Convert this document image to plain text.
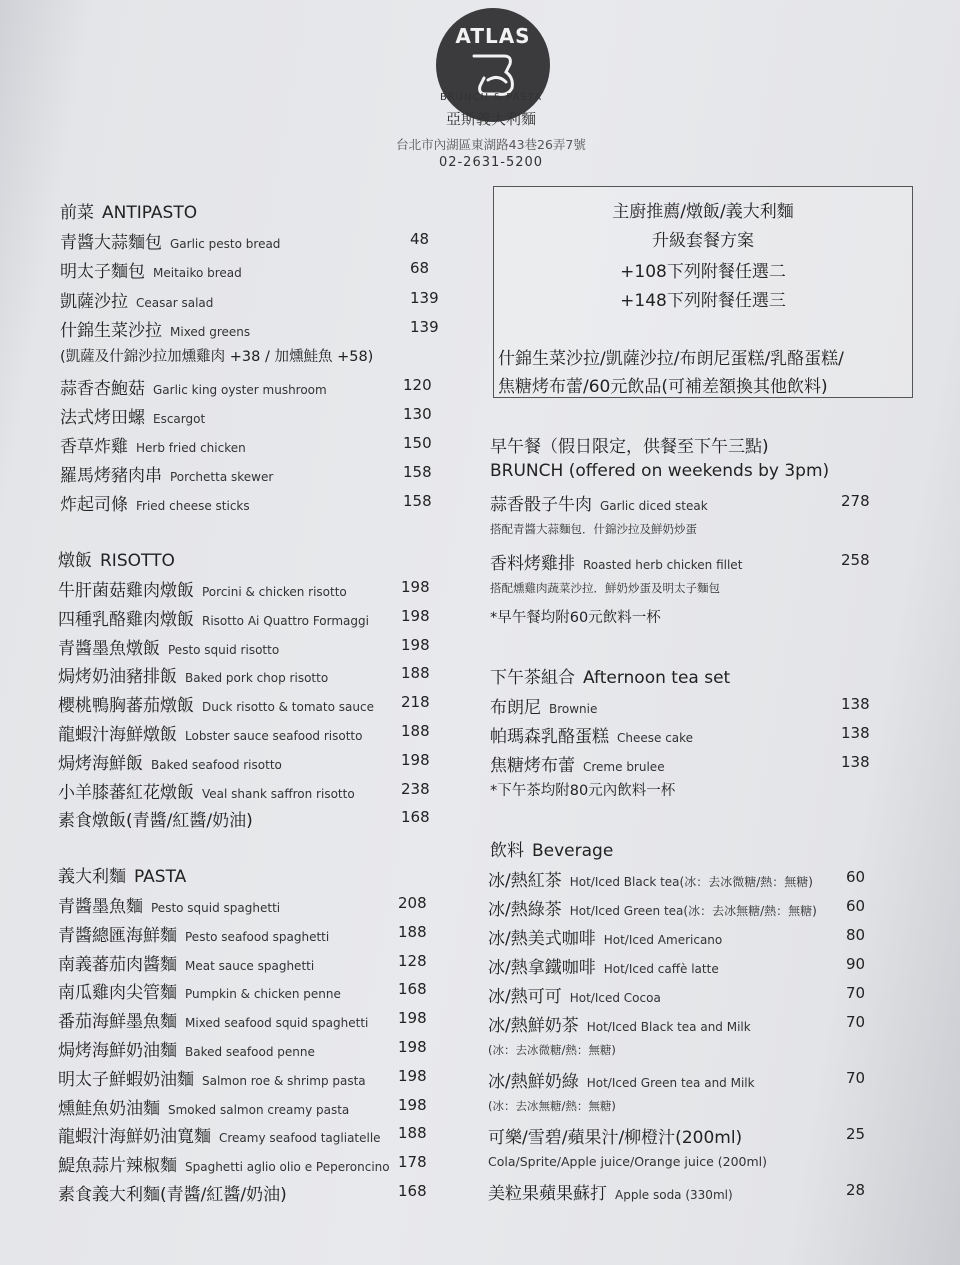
ATLAS
BRUNCH & PASTA
亞斯義大利麵
台北市內湖區東湖路43巷26弄7號
02-2631-5200
前菜 ANTIPASTO
青醬大蒜麵包 Garlic pesto bread	48
明太子麵包 Meitaiko bread	68
凱薩沙拉 Ceasar salad	139
什錦生菜沙拉 Mixed greens	139
(凱薩及什錦沙拉加燻雞肉 +38 / 加燻鮭魚 +58)
蒜香杏鮑菇 Garlic king oyster mushroom	120
法式烤田螺 Escargot	130
香草炸雞 Herb fried chicken	150
羅馬烤豬肉串 Porchetta skewer	158
炸起司條 Fried cheese sticks	158
燉飯 RISOTTO
牛肝菌菇雞肉燉飯 Porcini & chicken risotto	198
四種乳酪雞肉燉飯 Risotto Ai Quattro Formaggi 198
青醬墨魚燉飯 Pesto squid risotto	198
焗烤奶油豬排飯 Baked pork chop risotto	188
櫻桃鴨胸蕃茄燉飯 Duck risotto & tomato sauce 218
龍蝦汁海鮮燉飯 Lobster sauce seafood risotto	188
焗烤海鮮飯 Baked seafood risotto	198
小羊膝蕃紅花燉飯 Veal shank saffron risotto	238
素食燉飯(青醬/紅醬/奶油)	168
義大利麵 PASTA
青醬墨魚麵 Pesto squid spaghetti	208
青醬總匯海鮮麵 Pesto seafood spaghetti	188
南義蕃茄肉醬麵 Meat sauce spaghetti	128
南瓜雞肉尖管麵 Pumpkin & chicken penne	168
番茄海鮮墨魚麵 Mixed seafood squid spaghetti 198
焗烤海鮮奶油麵 Baked seafood penne	198
明太子鮮蝦奶油麵 Salmon roe & shrimp pasta 198
燻鮭魚奶油麵 Smoked salmon creamy pasta	198
龍蝦汁海鮮奶油寬麵 Creamy seafood tagliatelle 188
鯷魚蒜片辣椒麵 Spaghetti aglio olio e Peperoncino 178
素食義大利麵(青醬/紅醬/奶油)	168
主廚推薦/燉飯/義大利麵
升級套餐方案
+108下列附餐任選二
+148下列附餐任選三
什錦生菜沙拉/凱薩沙拉/布朗尼蛋糕/乳酪蛋糕/
焦糖烤布蕾/60元飲品(可補差額換其他飲料)
早午餐（假日限定，供餐至下午三點)
BRUNCH (offered on weekends by 3pm)
蒜香骰子牛肉 Garlic diced steak	278
搭配青醬大蒜麵包．什錦沙拉及鮮奶炒蛋
香料烤雞排 Roasted herb chicken fillet	258
搭配燻雞肉蔬菜沙拉．鮮奶炒蛋及明太子麵包
*早午餐均附60元飲料一杯
下午茶組合 Afternoon tea set
布朗尼 Brownie	138
帕瑪森乳酪蛋糕 Cheese cake	138
焦糖烤布蕾 Creme brulee	138
*下午茶均附80元內飲料一杯
飲料 Beverage
冰/熱紅茶 Hot/Iced Black tea(冰：去冰微糖/熱：無糖) 60
冰/熱綠茶 Hot/Iced Green tea(冰：去冰無糖/熱：無糖) 60
冰/熱美式咖啡 Hot/Iced Americano	80
冰/熱拿鐵咖啡 Hot/Iced caffè latte	90
冰/熱可可 Hot/Iced Cocoa	70
冰/熱鮮奶茶 Hot/Iced Black tea and Milk	70
(冰：去冰微糖/熱：無糖)
冰/熱鮮奶綠 Hot/Iced Green tea and Milk	70
(冰：去冰無糖/熱：無糖)
可樂/雪碧/蘋果汁/柳橙汁(200ml)	25
Cola/Sprite/Apple juice/Orange juice (200ml)
美粒果蘋果蘇打 Apple soda (330ml)	28
